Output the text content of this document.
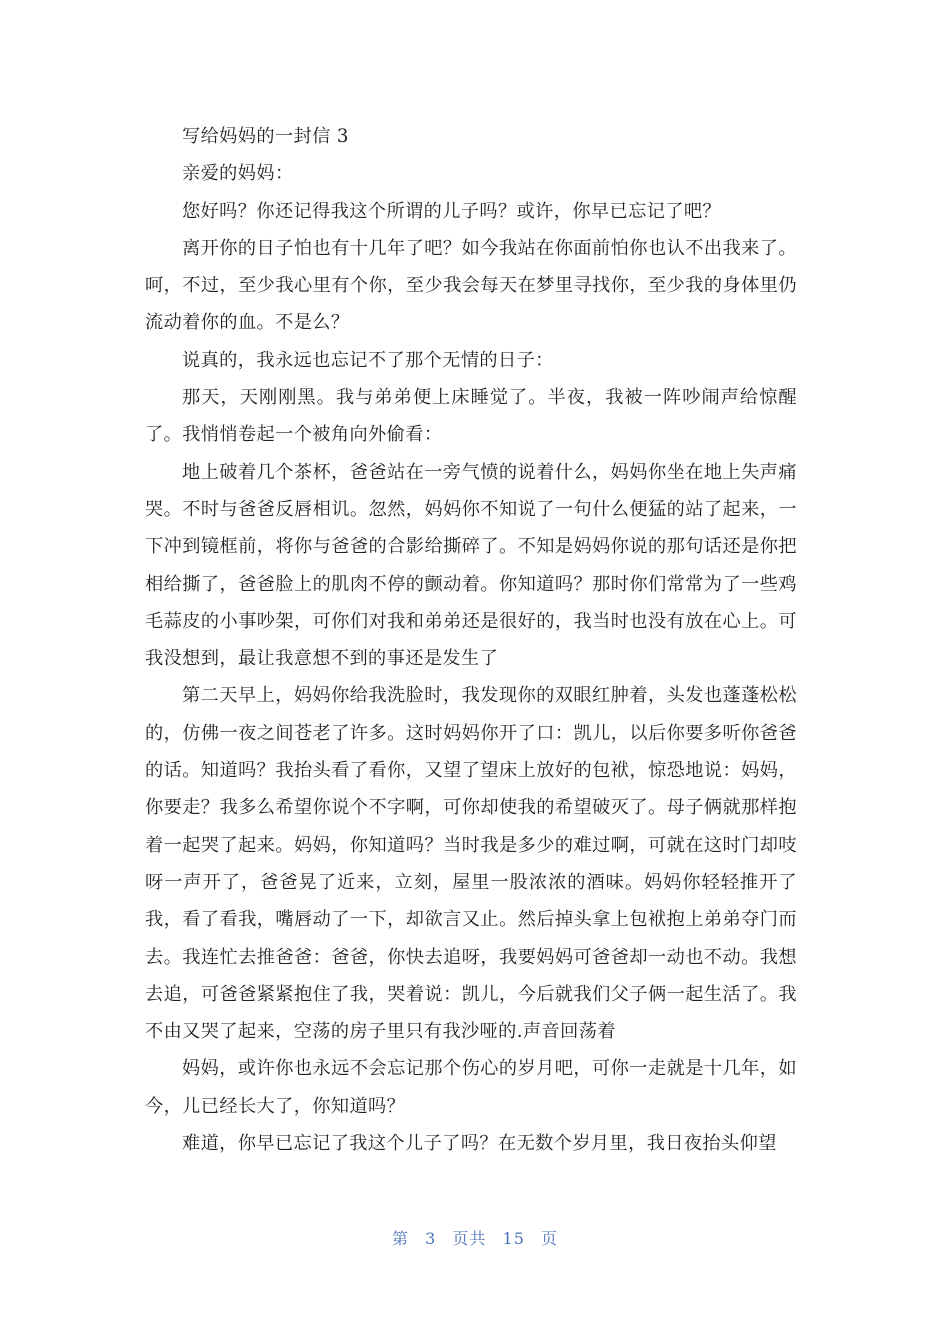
写给妈妈的一封信 3

亲爱的妈妈：

您好吗？你还记得我这个所谓的儿子吗？或许，你早已忘记了吧？

离开你的日子怕也有十几年了吧？如今我站在你面前怕你也认不出我来了。呵，不过，至少我心里有个你，至少我会每天在梦里寻找你，至少我的身体里仍流动着你的血。不是么？

说真的，我永远也忘记不了那个无情的日子：

那天，天刚刚黑。我与弟弟便上床睡觉了。半夜，我被一阵吵闹声给惊醒了。我悄悄卷起一个被角向外偷看：

地上破着几个茶杯，爸爸站在一旁气愤的说着什么，妈妈你坐在地上失声痛哭。不时与爸爸反唇相讥。忽然，妈妈你不知说了一句什么便猛的站了起来，一下冲到镜框前，将你与爸爸的合影给撕碎了。不知是妈妈你说的那句话还是你把相给撕了，爸爸脸上的肌肉不停的颤动着。你知道吗？那时你们常常为了一些鸡毛蒜皮的小事吵架，可你们对我和弟弟还是很好的，我当时也没有放在心上。可我没想到，最让我意想不到的事还是发生了

第二天早上，妈妈你给我洗脸时，我发现你的双眼红肿着，头发也蓬蓬松松的，仿佛一夜之间苍老了许多。这时妈妈你开了口：凯儿，以后你要多听你爸爸的话。知道吗？我抬头看了看你，又望了望床上放好的包袱，惊恐地说：妈妈，你要走？我多么希望你说个不字啊，可你却使我的希望破灭了。母子俩就那样抱着一起哭了起来。妈妈，你知道吗？当时我是多少的难过啊，可就在这时门却吱呀一声开了，爸爸晃了近来，立刻，屋里一股浓浓的酒味。妈妈你轻轻推开了我，看了看我，嘴唇动了一下，却欲言又止。然后掉头拿上包袱抱上弟弟夺门而去。我连忙去推爸爸：爸爸，你快去追呀，我要妈妈可爸爸却一动也不动。我想去追，可爸爸紧紧抱住了我，哭着说：凯儿，今后就我们父子俩一起生活了。我不由又哭了起来，空荡的房子里只有我沙哑的.声音回荡着

妈妈，或许你也永远不会忘记那个伤心的岁月吧，可你一走就是十几年，如今，儿已经长大了，你知道吗？

难道，你早已忘记了我这个儿子了吗？在无数个岁月里，我日夜抬头仰望

第 3 页共 15 页
